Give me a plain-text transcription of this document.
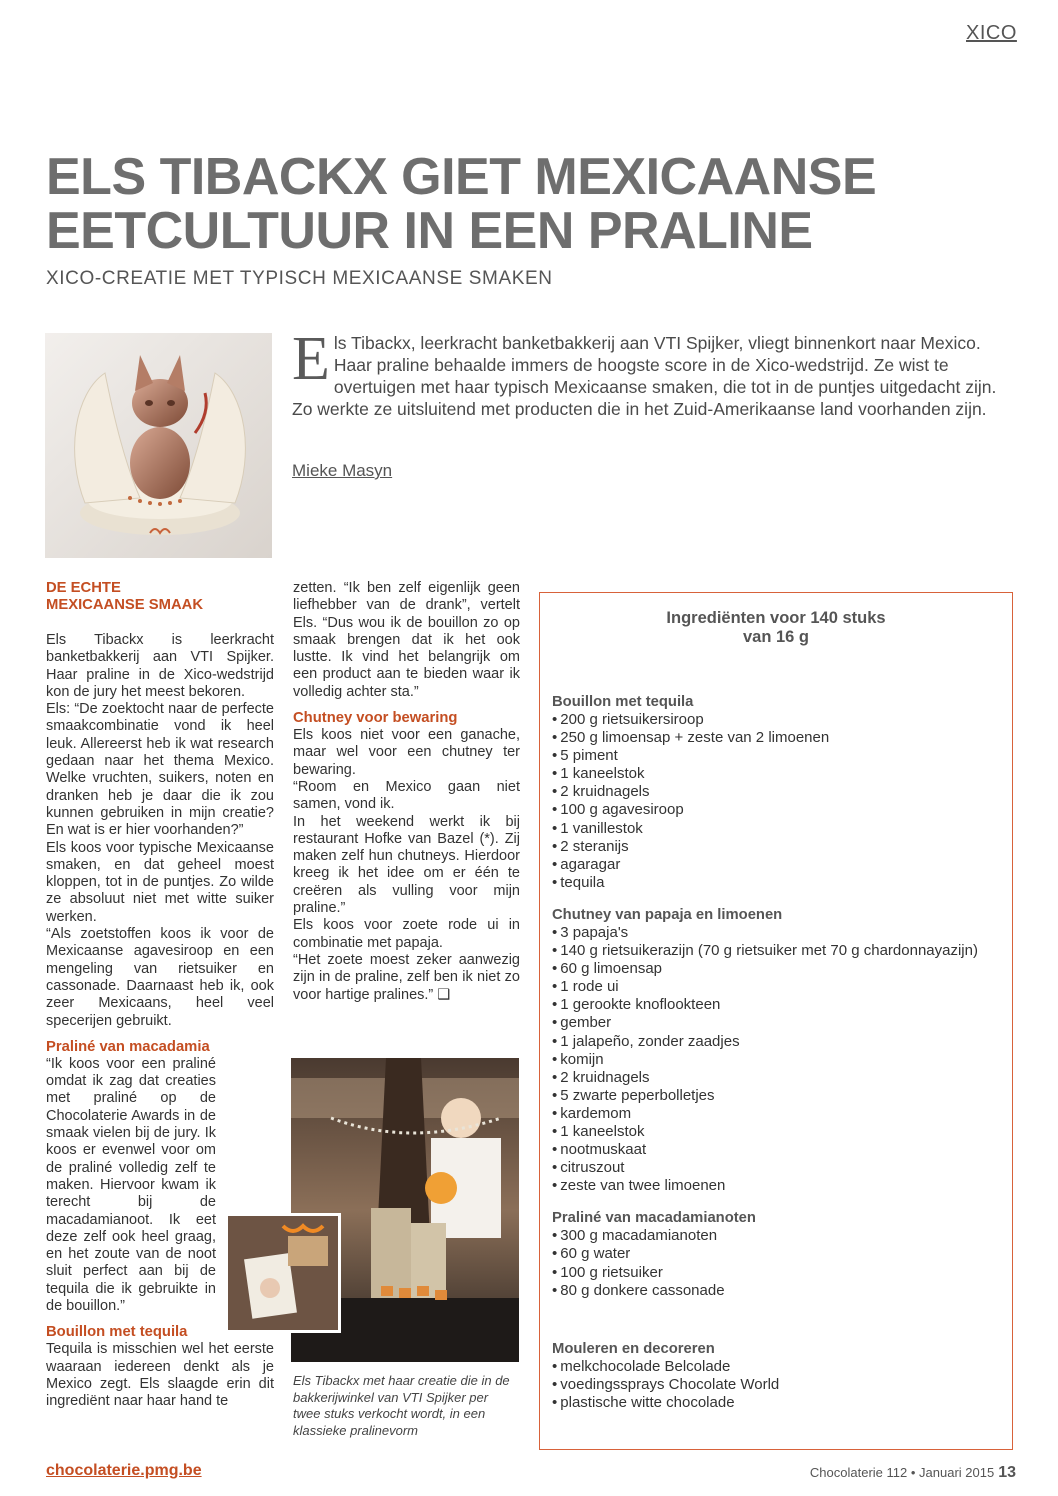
XICO
ELS TIBACKX GIET MEXICAANSE EETCULTUUR IN EEN PRALINE
XICO-CREATIE MET TYPISCH MEXICAANSE SMAKEN
Els Tibackx, leerkracht banketbakkerij aan VTI Spijker, vliegt binnenkort naar Mexico. Haar praline behaalde immers de hoogste score in de Xico-wedstrijd. Ze wist te overtuigen met haar typisch Mexicaanse smaken, die tot in de puntjes uitgedacht zijn. Zo werkte ze uitsluitend met producten die in het Zuid-Amerikaanse land voorhanden zijn.
Mieke Masyn
DE ECHTE MEXICAANSE SMAAK

Els Tibackx is leerkracht banketbakkerij aan VTI Spijker. Haar praline in de Xico-wedstrijd kon de jury het meest bekoren.

Els: “De zoektocht naar de perfecte smaakcombinatie vond ik heel leuk. Allereerst heb ik wat research gedaan naar het thema Mexico. Welke vruchten, suikers, noten en dranken heb je daar die ik zou kunnen gebruiken in mijn creatie? En wat is er hier voorhanden?”

Els koos voor typische Mexicaanse smaken, en dat geheel moest kloppen, tot in de puntjes. Zo wilde ze absoluut niet met witte suiker werken.

“Als zoetstoffen koos ik voor de Mexicaanse agavesiroop en een mengeling van rietsuiker en cassonade. Daarnaast heb ik, ook zeer Mexicaans, heel veel specerijen gebruikt.

Praliné van macadamia

“Ik koos voor een praliné omdat ik zag dat creaties met praliné op de Chocolaterie Awards in de smaak vielen bij de jury. Ik koos er evenwel voor om de praliné volledig zelf te maken. Hiervoor kwam ik terecht bij de macadamianoot. Ik eet deze zelf ook heel graag, en het zoute van de noot sluit perfect aan bij de tequila die ik gebruikte in de bouillon.”

Bouillon met tequila

Tequila is misschien wel het eerste waaraan iedereen denkt als je Mexico zegt. Els slaagde erin dit ingrediënt naar haar hand te

zetten. “Ik ben zelf eigenlijk geen liefhebber van de drank”, vertelt Els. “Dus wou ik de bouillon zo op smaak brengen dat ik het ook lustte. Ik vind het belangrijk om een product aan te bieden waar ik volledig achter sta.”

Chutney voor bewaring

Els koos niet voor een ganache, maar wel voor een chutney ter bewaring.

“Room en Mexico gaan niet samen, vond ik.

In het weekend werkt ik bij restaurant Hofke van Bazel (*). Zij maken zelf hun chutneys. Hierdoor kreeg ik het idee om er één te creëren als vulling voor mijn praline.”

Els koos voor zoete rode ui in combinatie met papaja.

“Het zoete moest zeker aanwezig zijn in de praline, zelf ben ik niet zo voor hartige pralines.” ❑

Els Tibackx met haar creatie die in de bakkerijwinkel van VTI Spijker per twee stuks verkocht wordt, in een klassieke pralinevorm
Ingrediënten voor 140 stuks
van 16 g
Bouillon met tequila
• 200 g rietsuikersiroop
• 250 g limoensap + zeste van 2 limoenen
• 5 piment
• 1 kaneelstok
• 2 kruidnagels
• 100 g agavesiroop
• 1 vanillestok
• 2 steranijs
• agaragar
• tequila
Chutney van papaja en limoenen
• 3 papaja's
• 140 g rietsuikerazijn (70 g rietsuiker met 70 g chardonnayazijn)
• 60 g limoensap
• 1 rode ui
• 1 gerookte knoflookteen
• gember
• 1 jalapeño, zonder zaadjes
• komijn
• 2 kruidnagels
• 5 zwarte peperbolletjes
• kardemom
• 1 kaneelstok
• nootmuskaat
• citruszout
• zeste van twee limoenen
Praliné van macadamianoten
• 300 g macadamianoten
• 60 g water
• 100 g rietsuiker
• 80 g donkere cassonade
Mouleren en decoreren
• melkchocolade Belcolade
• voedingssprays Chocolate World
• plastische witte chocolade
chocolaterie.pmg.be	Chocolaterie 112 • Januari 2015 13
